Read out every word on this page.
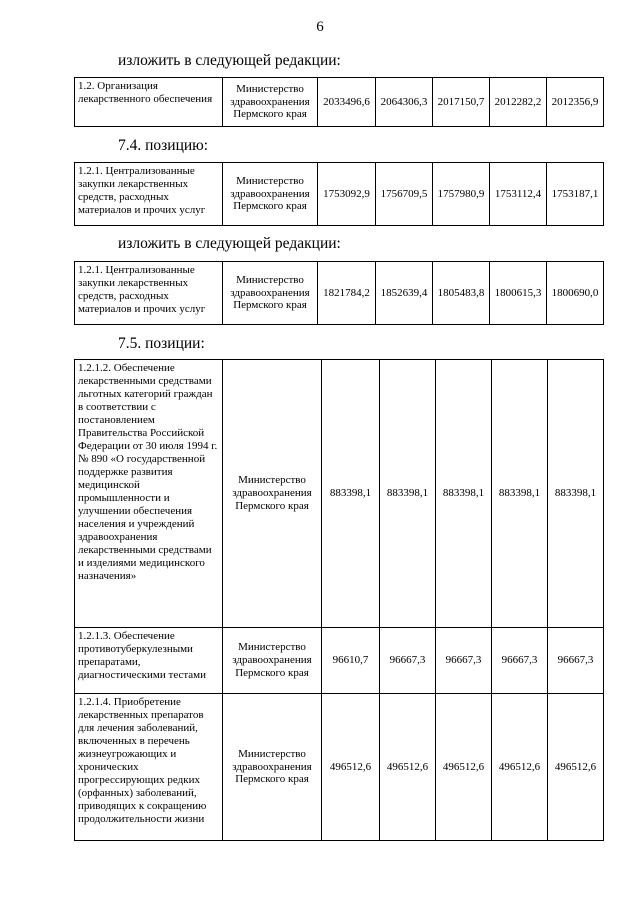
6
изложить в следующей редакции:
1.2. Организация лекарственного обеспечения	Министерство здравоохранения Пермского края	2033496,6	2064306,3	2017150,7	2012282,2	2012356,9
7.4. позицию:
1.2.1. Централизованные закупки лекарственных средств, расходных материалов и прочих услуг	Министерство здравоохранения Пермского края	1753092,9	1756709,5	1757980,9	1753112,4	1753187,1
изложить в следующей редакции:
1.2.1. Централизованные закупки лекарственных средств, расходных материалов и прочих услуг	Министерство здравоохранения Пермского края	1821784,2	1852639,4	1805483,8	1800615,3	1800690,0
7.5. позиции:
1.2.1.2. Обеспечение лекарственными средствами льготных категорий граждан в соответствии с постановлением Правительства Российской Федерации от 30 июля 1994 г. № 890 «О государственной поддержке развития медицинской промышленности и улучшении обеспечения населения и учреждений здравоохранения лекарственными средствами и изделиями медицинского назначения»	Министерство здравоохранения Пермского края	883398,1	883398,1	883398,1	883398,1	883398,1
1.2.1.3. Обеспечение противотуберкулезными препаратами, диагностическими тестами	Министерство здравоохранения Пермского края	96610,7	96667,3	96667,3	96667,3	96667,3
1.2.1.4. Приобретение лекарственных препаратов для лечения заболеваний, включенных в перечень жизнеугрожающих и хронических прогрессирующих редких (орфанных) заболеваний, приводящих к сокращению продолжительности жизни	Министерство здравоохранения Пермского края	496512,6	496512,6	496512,6	496512,6	496512,6
